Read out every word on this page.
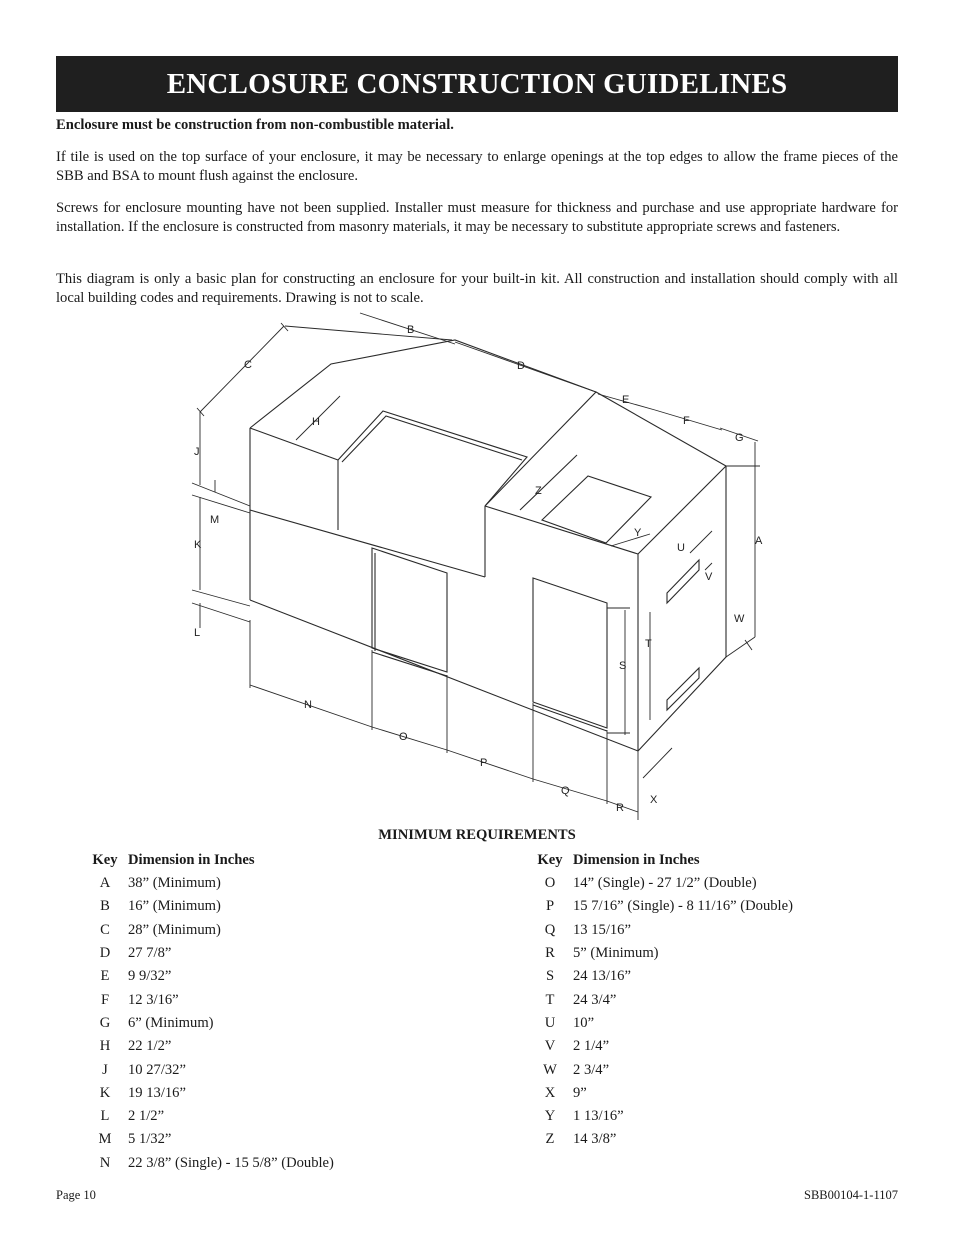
ENCLOSURE CONSTRUCTION GUIDELINES

Enclosure must be construction from non-combustible material.

If tile is used on the top surface of your enclosure, it may be necessary to enlarge openings at the top edges to allow the frame pieces of the SBB and BSA to mount flush against the enclosure.

Screws for enclosure mounting have not been supplied. Installer must measure for thickness and purchase and use appropriate hardware for installation. If the enclosure is constructed from masonry materials, it may be necessary to substitute appropriate screws and fasteners.

This diagram is only a basic plan for constructing an enclosure for your built-in kit. All construction and installation should comply with all local building codes and requirements. Drawing is not to scale.

A
B
C	D
E
F
G
H
J
K
L
M
N
O
P
Q
R
S
T
U
V
W
X
Y
Z
MINIMUM REQUIREMENTS
Key	Dimension in Inches
A	38” (Minimum)
B	16” (Minimum)
C	28” (Minimum)
D	27 7/8”
E	9 9/32”
F	12 3/16”
G	6” (Minimum)
H	22 1/2”
J	10 27/32”
K	19 13/16”
L	2 1/2”
M	5 1/32”
N	22 3/8” (Single) - 15 5/8” (Double)
Key	Dimension in Inches
O	14” (Single) - 27 1/2” (Double)
P	15 7/16” (Single) - 8 11/16” (Double)
Q	13 15/16”
R	5” (Minimum)
S	24 13/16”
T	24 3/4”
U	10”
V	2 1/4”
W	2 3/4”
X	9”
Y	1 13/16”
Z	14 3/8”
Page 10	SBB00104-1-1107
